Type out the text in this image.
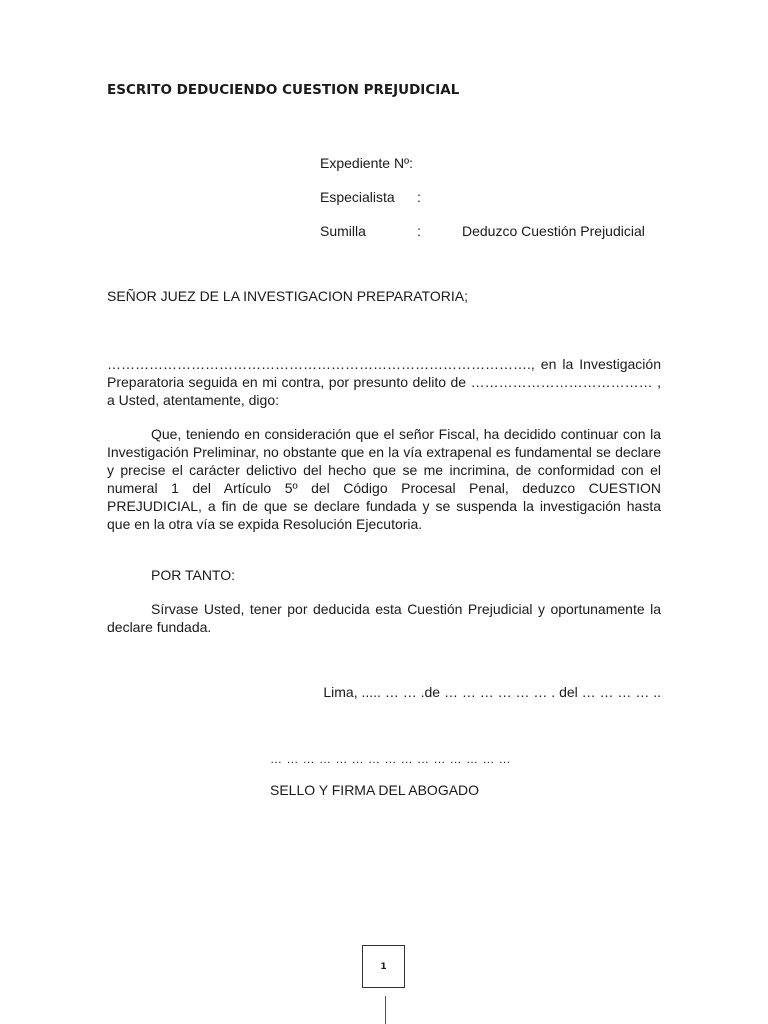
ESCRITO DEDUCIENDO CUESTION PREJUDICIAL
Expediente Nº:
Especialista	:
Sumilla	:	Deduzco Cuestión Prejudicial
SEÑOR JUEZ DE LA INVESTIGACION PREPARATORIA;
………………………………………………………………………………., en la Investigación Preparatoria seguida en mi contra, por presunto delito de ………………………………… , a Usted, atentamente, digo:
Que, teniendo en consideración que el señor Fiscal, ha decidido continuar con la Investigación Preliminar, no obstante que en la vía extrapenal es fundamental se declare y precise el carácter delictivo del hecho que se me incrimina, de conformidad con el numeral 1 del Artículo 5º del Código Procesal Penal, deduzco CUESTION PREJUDICIAL, a fin de que se declare fundada y se suspenda la investigación hasta que en la otra vía se expida Resolución Ejecutoria.
POR TANTO:
Sírvase Usted, tener por deducida esta Cuestión Prejudicial y oportunamente la declare fundada.
Lima, ..... … … .de … … … … … … . del … … … … ..
… … … … … … … … … … … … … … …
SELLO Y FIRMA DEL ABOGADO
1
